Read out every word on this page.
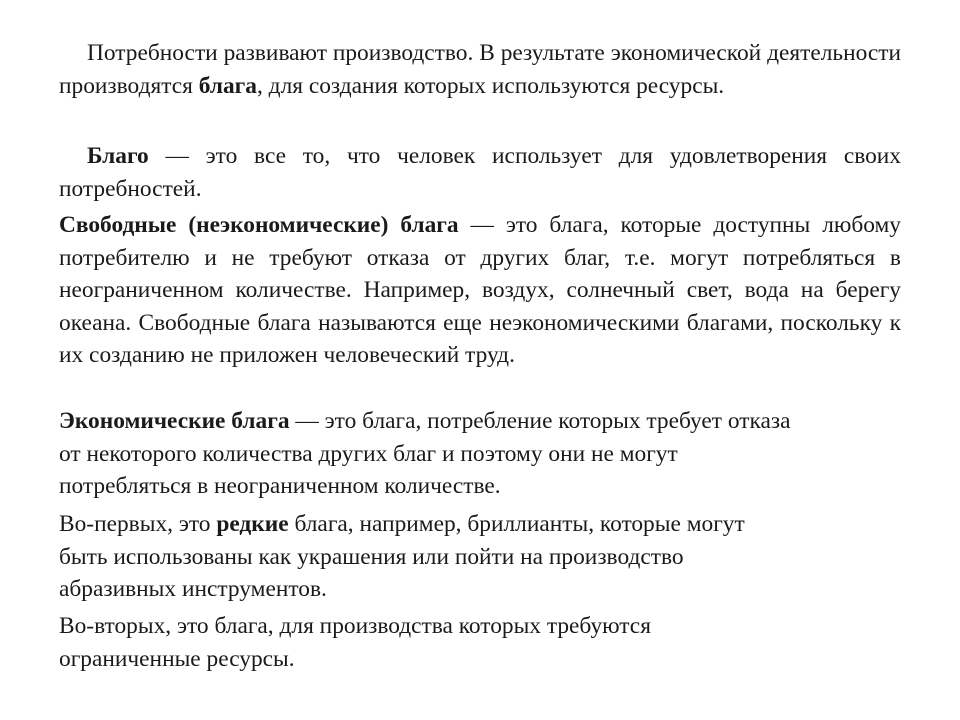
Потребности развивают производство. В результате экономической деятельности производятся блага, для создания которых используются ресурсы.

Благо — это все то, что человек использует для удовлетворения своих потребностей.

Свободные (неэкономические) блага — это блага, которые доступны любому потребителю и не требуют отказа от других благ, т.е. могут потребляться в неограниченном количестве. Например, воздух, солнечный свет, вода на берегу океана. Свободные блага называются еще неэкономическими благами, поскольку к их созданию не приложен человеческий труд.

Экономические блага — это блага, потребление которых требует отказа
от некоторого количества других благ и поэтому они не могут
потребляться в неограниченном количестве.

Во-первых, это редкие блага, например, бриллианты, которые могут
быть использованы как украшения или пойти на производство
абразивных инструментов.

Во-вторых, это блага, для производства которых требуются
ограниченные ресурсы.
